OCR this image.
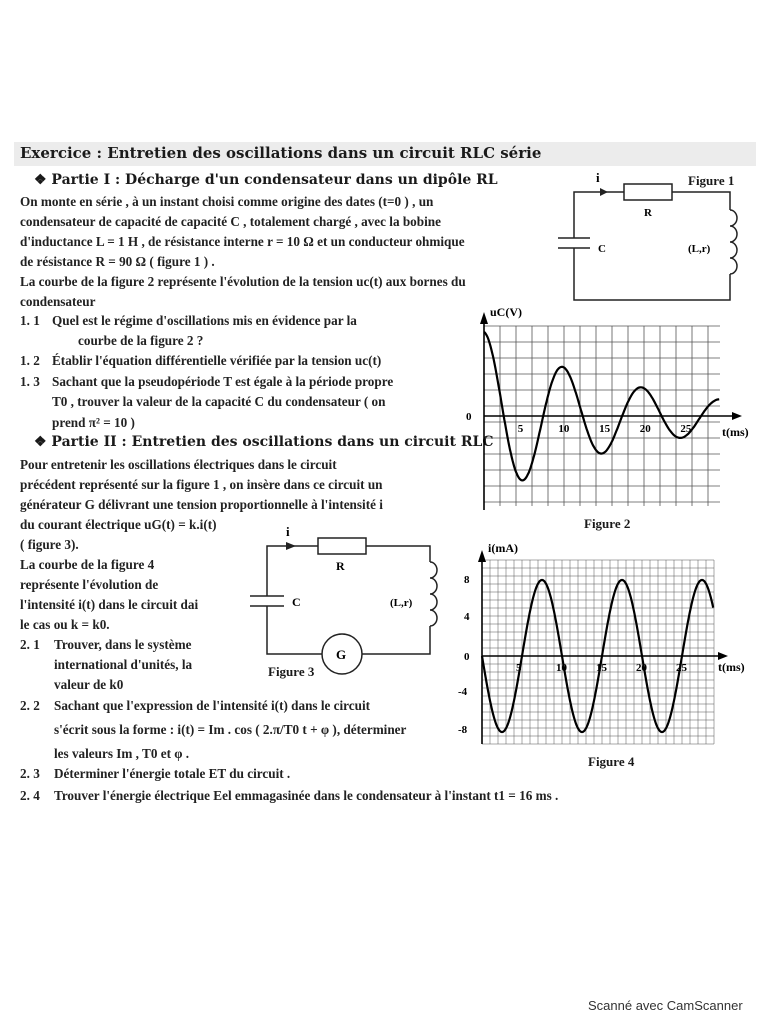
Exercice : Entretien des oscillations dans un circuit RLC série
❖ Partie I : Décharge d'un condensateur dans un dipôle RL
On monte en série , à un instant choisi comme origine des dates (t=0 ) , un
condensateur de capacité de capacité C , totalement chargé , avec la bobine
d'inductance L = 1 H , de résistance interne r = 10 Ω et un conducteur ohmique
de résistance R = 90 Ω ( figure 1 ) .
La courbe de la figure 2 représente l'évolution de la tension uc(t) aux bornes du
condensateur
1. 1 Quel est le régime d'oscillations mis en évidence par la
courbe de la figure 2 ?
1. 2 Établir l'équation différentielle vérifiée par la tension uc(t)
1. 3 Sachant que la pseudopériode T est égale à la période propre
T0 , trouver la valeur de la capacité C du condensateur ( on
prend π² = 10 )
❖ Partie II : Entretien des oscillations dans un circuit RLC
Pour entretenir les oscillations électriques dans le circuit
précédent représenté sur la figure 1 , on insère dans ce circuit un
générateur G délivrant une tension proportionnelle à l'intensité i
du courant électrique uG(t) = k.i(t)
( figure 3).
La courbe de la figure 4
représente l'évolution de
l'intensité i(t) dans le circuit dai
le cas ou k = k0.
2. 1 Trouver, dans le système
international d'unités, la
valeur de k0
2. 2 Sachant que l'expression de l'intensité i(t) dans le circuit
s'écrit sous la forme : i(t) = Im . cos ( 2.π/T0 t + φ ), déterminer
les valeurs Im , T0 et φ .
2. 3 Déterminer l'énergie totale ET du circuit .
2. 4 Trouver l'énergie électrique Eel emmagasinée dans le condensateur à l'instant t1 = 16 ms .
i
R
C	(L,r)
Figure 1
uC(V)
t(ms)
0
5	10	15	20	25
Figure 2
i
R
C	(L,r)
G
Figure 3
i(mA)
t(ms)
8
4
0
-4
-8
5	10	15	20	25
Figure 4
Scanné avec CamScanner
